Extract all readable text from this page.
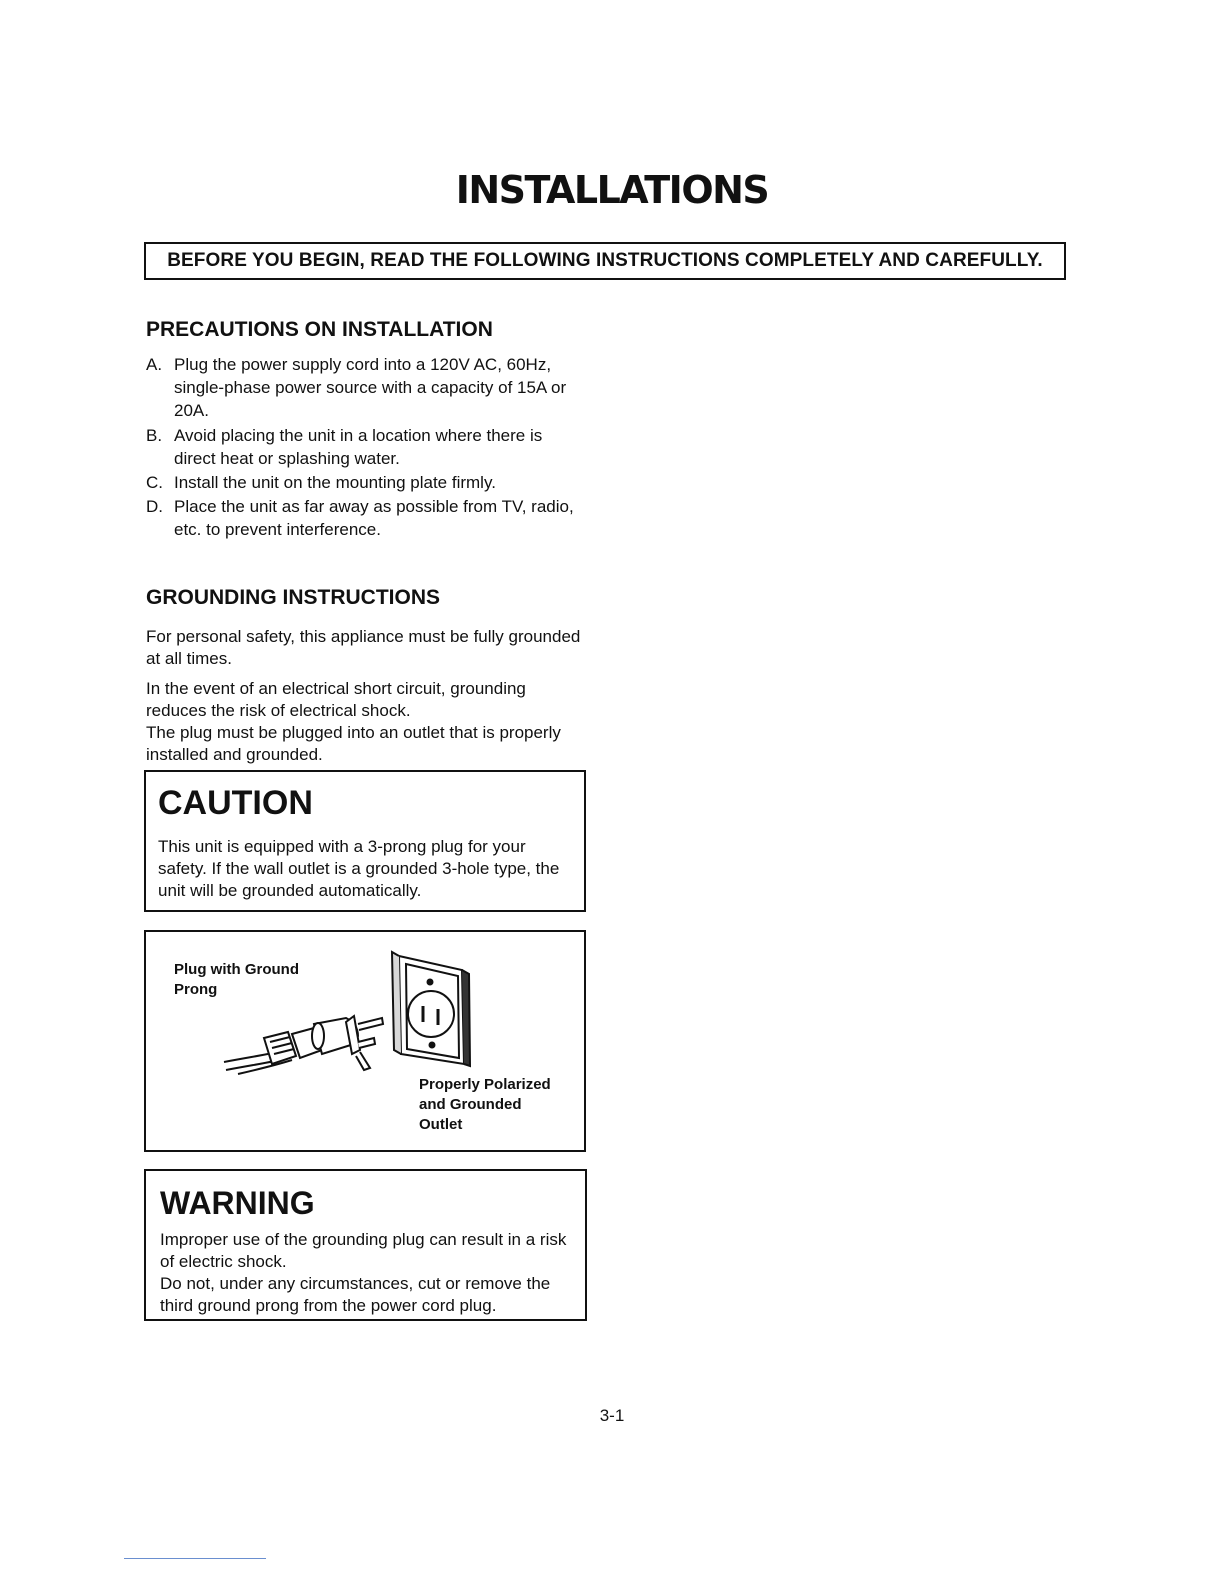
INSTALLATIONS
BEFORE YOU BEGIN, READ THE FOLLOWING INSTRUCTIONS COMPLETELY AND CAREFULLY.
PRECAUTIONS ON INSTALLATION
A. Plug the power supply cord into a 120V AC, 60Hz, single-phase power source with a capacity of 15A or 20A.
B. Avoid placing the unit in a location where there is direct heat or splashing water.
C. Install the unit on the mounting plate firmly.
D. Place the unit as far away as possible from TV, radio, etc. to prevent interference.
GROUNDING INSTRUCTIONS
For personal safety, this appliance must be fully grounded at all times.
In the event of an electrical short circuit, grounding reduces the risk of electrical shock.
The plug must be plugged into an outlet that is properly installed and grounded.
CAUTION
This unit is equipped with a 3-prong plug for your safety. If the wall outlet is a grounded 3-hole type, the unit will be grounded automatically.
Plug with Ground
Prong
Properly Polarized
and Grounded
Outlet
WARNING
Improper use of the grounding plug can result in a risk of electric shock.
Do not, under any circumstances, cut or remove the third ground prong from the power cord plug.
3-1
